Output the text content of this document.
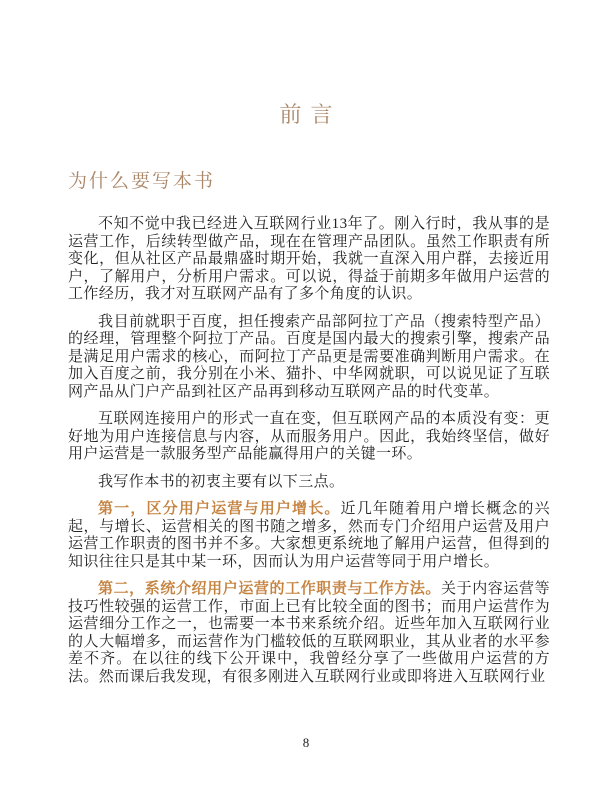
前言
为什么要写本书

不知不觉中我已经进入互联网行业13年了。刚入行时，我从事的是运营工作，后续转型做产品，现在在管理产品团队。虽然工作职责有所变化，但从社区产品最鼎盛时期开始，我就一直深入用户群，去接近用户，了解用户，分析用户需求。可以说，得益于前期多年做用户运营的工作经历，我才对互联网产品有了多个角度的认识。

我目前就职于百度，担任搜索产品部阿拉丁产品（搜索特型产品）的经理，管理整个阿拉丁产品。百度是国内最大的搜索引擎，搜索产品是满足用户需求的核心，而阿拉丁产品更是需要准确判断用户需求。在加入百度之前，我分别在小米、猫扑、中华网就职，可以说见证了互联网产品从门户产品到社区产品再到移动互联网产品的时代变革。

互联网连接用户的形式一直在变，但互联网产品的本质没有变：更好地为用户连接信息与内容，从而服务用户。因此，我始终坚信，做好用户运营是一款服务型产品能赢得用户的关键一环。

我写作本书的初衷主要有以下三点。

第一，区分用户运营与用户增长。近几年随着用户增长概念的兴起，与增长、运营相关的图书随之增多，然而专门介绍用户运营及用户运营工作职责的图书并不多。大家想更系统地了解用户运营，但得到的知识往往只是其中某一环，因而认为用户运营等同于用户增长。

第二，系统介绍用户运营的工作职责与工作方法。关于内容运营等技巧性较强的运营工作，市面上已有比较全面的图书；而用户运营作为运营细分工作之一，也需要一本书来系统介绍。近些年加入互联网行业的人大幅增多，而运营作为门槛较低的互联网职业，其从业者的水平参差不齐。在以往的线下公开课中，我曾经分享了一些做用户运营的方法。然而课后我发现，有很多刚进入互联网行业或即将进入互联网行业

8
